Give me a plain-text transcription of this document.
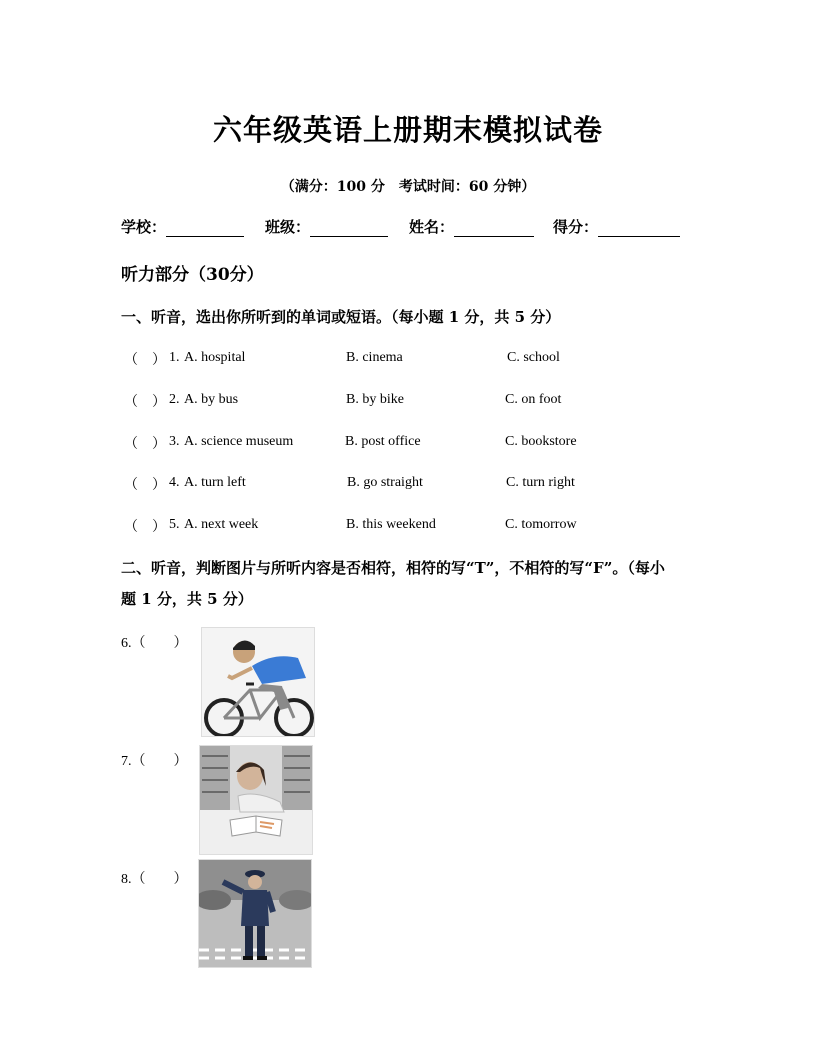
六年级英语上册期末模拟试卷
（满分：100 分　考试时间：60 分钟）
学校：	班级：	姓名：	得分：
听力部分（30分）
一、听音，选出你所听到的单词或短语。（每小题 1 分，共 5 分）
（　） 1. A. hospital	B. cinema	C. school
（　） 2. A. by bus	B. by bike	C. on foot
（　） 3. A. science museum	B. post office	C. bookstore
（　） 4. A. turn left	B. go straight	C. turn right
（　） 5. A. next week	B. this weekend	C. tomorrow
二、听音，判断图片与所听内容是否相符，相符的写“T”，不相符的写“F”。（每小
题 1 分，共 5 分）
6.（　　）
7.（　　）
8.（　　）
